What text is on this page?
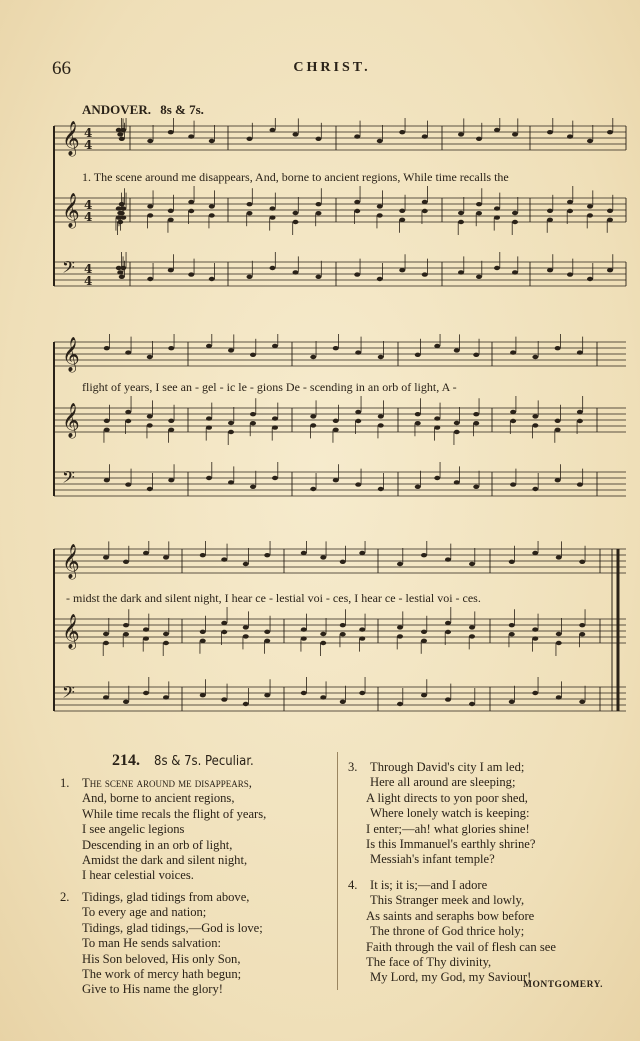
66	CHRIST.
ANDOVER. 8s & 7s.
𝄞 4
4
𝄞 4
4
𝄢 4
4
1. The scene around me disappears, And, borne to ancient regions, While time recalls the
𝄞
𝄞
𝄢
flight of years, I see an - gel - ic le - gions De - scending in an orb of light, A -
𝄞
𝄞
𝄢
- midst the dark and silent night, I hear ce - lestial voi - ces, I hear ce - lestial voi - ces.
214. 8s & 7s. Peculiar.
1. The scene around me disappears,
And, borne to ancient regions,
While time recals the flight of years,
I see angelic legions
Descending in an orb of light,
Amidst the dark and silent night,
I hear celestial voices.
2. Tidings, glad tidings from above,
To every age and nation;
Tidings, glad tidings,—God is love;
To man He sends salvation:
His Son beloved, His only Son,
The work of mercy hath begun;
Give to His name the glory!
3. Through David's city I am led;
Here all around are sleeping;
A light directs to yon poor shed,
Where lonely watch is keeping:
I enter;—ah! what glories shine!
Is this Immanuel's earthly shrine?
Messiah's infant temple?
4. It is; it is;—and I adore
This Stranger meek and lowly,
As saints and seraphs bow before
The throne of God thrice holy;
Faith through the vail of flesh can see
The face of Thy divinity,
My Lord, my God, my Saviour!
MONTGOMERY.
